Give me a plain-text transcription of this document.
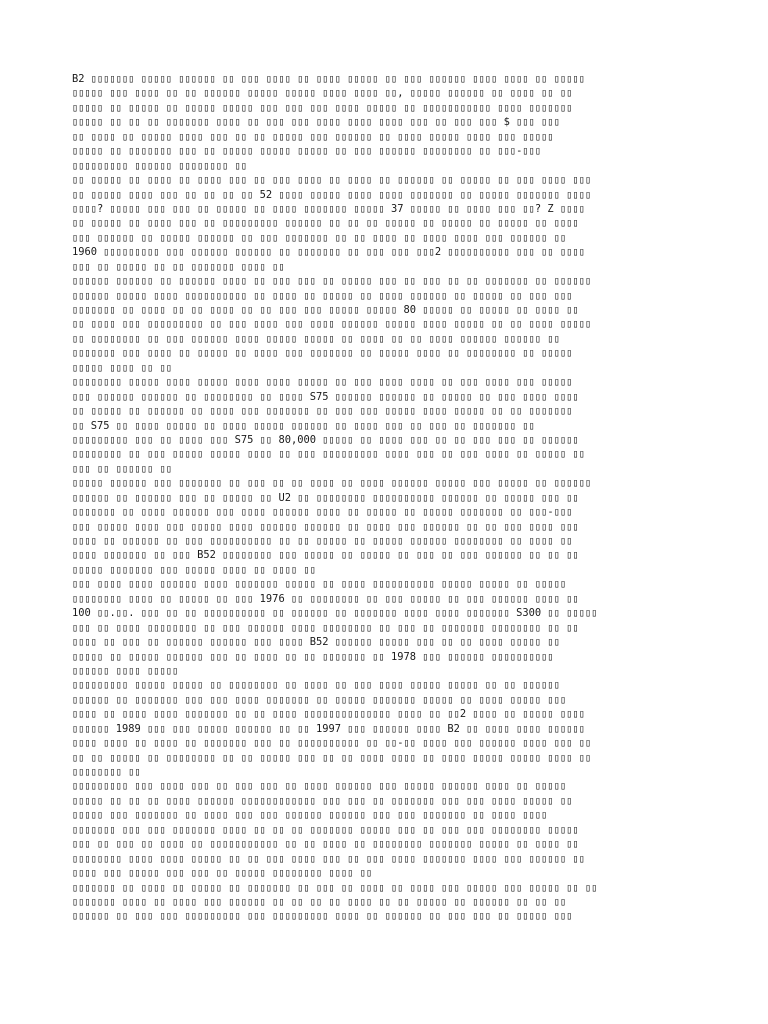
B2 ▯▯▯▯▯▯▯ ▯▯▯▯▯ ▯▯▯▯▯▯ ▯▯ ▯▯▯ ▯▯▯▯ ▯▯ ▯▯▯▯ ▯▯▯▯▯ ▯▯ ▯▯▯ ▯▯▯▯▯▯ ▯▯▯▯ ▯▯▯▯ ▯▯ ▯▯▯▯▯
▯▯▯▯▯ ▯▯▯ ▯▯▯▯ ▯▯ ▯▯ ▯▯▯▯▯▯ ▯▯▯▯▯ ▯▯▯▯▯ ▯▯▯▯ ▯▯▯▯ ▯▯, ▯▯▯▯▯ ▯▯▯▯▯▯ ▯▯ ▯▯▯▯ ▯▯ ▯▯
▯▯▯▯▯ ▯▯ ▯▯▯▯▯ ▯▯ ▯▯▯▯▯ ▯▯▯▯▯ ▯▯▯ ▯▯▯ ▯▯▯ ▯▯▯▯ ▯▯▯▯▯ ▯▯ ▯▯▯▯▯▯▯▯▯▯▯ ▯▯▯▯ ▯▯▯▯▯▯▯
▯▯▯▯▯ ▯▯ ▯▯ ▯▯ ▯▯▯▯▯▯▯ ▯▯▯▯ ▯▯ ▯▯▯ ▯▯▯ ▯▯▯▯ ▯▯▯▯ ▯▯▯▯ ▯▯▯ ▯▯ ▯▯▯ ▯▯▯ $ ▯▯▯ ▯▯▯
▯▯ ▯▯▯▯ ▯▯ ▯▯▯▯▯ ▯▯▯▯ ▯▯▯ ▯▯ ▯▯ ▯▯▯▯▯ ▯▯▯ ▯▯▯▯▯▯ ▯▯ ▯▯▯▯ ▯▯▯▯▯ ▯▯▯▯ ▯▯▯ ▯▯▯▯▯
▯▯▯▯▯ ▯▯ ▯▯▯▯▯▯▯ ▯▯▯ ▯▯ ▯▯▯▯▯ ▯▯▯▯▯ ▯▯▯▯▯ ▯▯ ▯▯▯ ▯▯▯▯▯▯ ▯▯▯▯▯▯▯▯ ▯▯ ▯▯▯-▯▯▯
▯▯▯▯▯▯▯▯▯ ▯▯▯▯▯▯ ▯▯▯▯▯▯▯▯ ▯▯
▯▯ ▯▯▯▯▯ ▯▯ ▯▯▯▯ ▯▯ ▯▯▯▯ ▯▯▯ ▯▯ ▯▯▯ ▯▯▯▯ ▯▯ ▯▯▯▯ ▯▯ ▯▯▯▯▯▯ ▯▯ ▯▯▯▯▯ ▯▯ ▯▯▯ ▯▯▯▯ ▯▯▯
▯▯ ▯▯▯▯▯ ▯▯▯▯ ▯▯▯ ▯▯ ▯▯ ▯▯ ▯▯ 52 ▯▯▯▯ ▯▯▯▯▯ ▯▯▯▯ ▯▯▯▯ ▯▯▯▯▯▯▯ ▯▯ ▯▯▯▯▯ ▯▯▯▯▯▯▯ ▯▯▯▯
▯▯▯▯? ▯▯▯▯▯ ▯▯▯ ▯▯▯ ▯▯ ▯▯▯▯▯ ▯▯ ▯▯▯▯ ▯▯▯▯▯▯▯ ▯▯▯▯▯ 37 ▯▯▯▯▯ ▯▯ ▯▯▯▯ ▯▯▯ ▯▯? Z ▯▯▯▯
▯▯ ▯▯▯▯▯ ▯▯ ▯▯▯▯ ▯▯▯ ▯▯ ▯▯▯▯▯▯▯▯▯ ▯▯▯▯▯▯ ▯▯ ▯▯ ▯▯ ▯▯▯▯▯ ▯▯ ▯▯▯▯▯ ▯▯ ▯▯▯▯▯ ▯▯ ▯▯▯▯
▯▯▯ ▯▯▯▯▯▯ ▯▯ ▯▯▯▯▯ ▯▯▯▯▯▯ ▯▯ ▯▯▯ ▯▯▯▯▯▯▯ ▯▯ ▯▯ ▯▯▯▯ ▯▯ ▯▯▯▯ ▯▯▯▯ ▯▯▯ ▯▯▯▯▯▯ ▯▯
1960 ▯▯▯▯▯▯▯▯▯ ▯▯▯ ▯▯▯▯▯▯ ▯▯▯▯▯▯ ▯▯ ▯▯▯▯▯▯▯ ▯▯ ▯▯▯ ▯▯▯ ▯▯▯2 ▯▯▯▯▯▯▯▯▯▯ ▯▯▯ ▯▯ ▯▯▯▯
▯▯▯ ▯▯ ▯▯▯▯▯ ▯▯ ▯▯ ▯▯▯▯▯▯▯ ▯▯▯▯ ▯▯
▯▯▯▯▯▯ ▯▯▯▯▯▯ ▯▯ ▯▯▯▯▯▯ ▯▯▯▯ ▯▯ ▯▯▯ ▯▯▯ ▯▯ ▯▯▯▯▯ ▯▯▯ ▯▯ ▯▯▯ ▯▯ ▯▯ ▯▯▯▯▯▯▯ ▯▯ ▯▯▯▯▯▯
▯▯▯▯▯▯ ▯▯▯▯▯ ▯▯▯▯ ▯▯▯▯▯▯▯▯▯▯ ▯▯ ▯▯▯▯ ▯▯ ▯▯▯▯▯ ▯▯ ▯▯▯▯ ▯▯▯▯▯▯ ▯▯ ▯▯▯▯▯ ▯▯ ▯▯▯ ▯▯▯
▯▯▯▯▯▯▯ ▯▯ ▯▯▯▯ ▯▯ ▯▯ ▯▯▯▯ ▯▯ ▯▯ ▯▯▯ ▯▯▯ ▯▯▯▯▯ ▯▯▯▯▯ 80 ▯▯▯▯▯ ▯▯ ▯▯▯▯▯ ▯▯ ▯▯▯▯ ▯▯
▯▯ ▯▯▯▯ ▯▯▯ ▯▯▯▯▯▯▯▯▯ ▯▯ ▯▯▯ ▯▯▯▯ ▯▯▯ ▯▯▯▯ ▯▯▯▯▯▯ ▯▯▯▯▯ ▯▯▯▯ ▯▯▯▯▯ ▯▯ ▯▯ ▯▯▯▯ ▯▯▯▯▯
▯▯ ▯▯▯▯▯▯▯▯ ▯▯ ▯▯▯ ▯▯▯▯▯▯ ▯▯▯▯ ▯▯▯▯▯ ▯▯▯▯▯ ▯▯ ▯▯▯▯ ▯▯ ▯▯ ▯▯▯▯ ▯▯▯▯▯▯ ▯▯▯▯▯▯ ▯▯
▯▯▯▯▯▯▯ ▯▯▯ ▯▯▯▯ ▯▯ ▯▯▯▯▯ ▯▯ ▯▯▯▯ ▯▯▯ ▯▯▯▯▯▯▯ ▯▯ ▯▯▯▯▯ ▯▯▯▯ ▯▯ ▯▯▯▯▯▯▯▯ ▯▯ ▯▯▯▯▯
▯▯▯▯▯ ▯▯▯▯ ▯▯ ▯▯
▯▯▯▯▯▯▯▯ ▯▯▯▯▯ ▯▯▯▯ ▯▯▯▯▯ ▯▯▯▯ ▯▯▯▯ ▯▯▯▯▯ ▯▯ ▯▯▯ ▯▯▯▯ ▯▯▯▯ ▯▯ ▯▯▯ ▯▯▯▯ ▯▯▯ ▯▯▯▯▯
▯▯▯ ▯▯▯▯▯▯ ▯▯▯▯▯▯ ▯▯ ▯▯▯▯▯▯▯▯ ▯▯ ▯▯▯▯ S75 ▯▯▯▯▯▯ ▯▯▯▯▯▯ ▯▯ ▯▯▯▯▯ ▯▯ ▯▯▯ ▯▯▯▯ ▯▯▯▯
▯▯ ▯▯▯▯▯ ▯▯ ▯▯▯▯▯▯ ▯▯ ▯▯▯▯ ▯▯▯ ▯▯▯▯▯▯▯ ▯▯ ▯▯▯ ▯▯▯ ▯▯▯▯▯ ▯▯▯▯ ▯▯▯▯▯ ▯▯ ▯▯ ▯▯▯▯▯▯▯
▯▯ S75 ▯▯ ▯▯▯▯ ▯▯▯▯▯ ▯▯ ▯▯▯▯ ▯▯▯▯▯ ▯▯▯▯▯▯ ▯▯ ▯▯▯▯ ▯▯▯ ▯▯ ▯▯▯ ▯▯ ▯▯▯▯▯▯▯ ▯▯
▯▯▯▯▯▯▯▯▯ ▯▯▯ ▯▯ ▯▯▯▯ ▯▯▯ S75 ▯▯ 80,000 ▯▯▯▯▯ ▯▯ ▯▯▯▯ ▯▯▯ ▯▯ ▯▯ ▯▯▯ ▯▯▯ ▯▯ ▯▯▯▯▯▯
▯▯▯▯▯▯▯▯ ▯▯ ▯▯▯ ▯▯▯▯▯ ▯▯▯▯▯ ▯▯▯▯ ▯▯ ▯▯▯ ▯▯▯▯▯▯▯▯▯ ▯▯▯▯ ▯▯▯ ▯▯ ▯▯▯ ▯▯▯▯ ▯▯ ▯▯▯▯▯ ▯▯
▯▯▯ ▯▯ ▯▯▯▯▯▯ ▯▯
▯▯▯▯▯ ▯▯▯▯▯▯ ▯▯▯ ▯▯▯▯▯▯▯ ▯▯ ▯▯▯ ▯▯ ▯▯ ▯▯▯▯ ▯▯ ▯▯▯▯ ▯▯▯▯▯▯ ▯▯▯▯▯ ▯▯▯ ▯▯▯▯▯ ▯▯ ▯▯▯▯▯▯
▯▯▯▯▯▯ ▯▯ ▯▯▯▯▯▯ ▯▯▯ ▯▯ ▯▯▯▯▯ ▯▯ U2 ▯▯ ▯▯▯▯▯▯▯▯ ▯▯▯▯▯▯▯▯▯▯ ▯▯▯▯▯▯ ▯▯ ▯▯▯▯▯ ▯▯▯ ▯▯
▯▯▯▯▯▯▯ ▯▯ ▯▯▯▯ ▯▯▯▯▯▯ ▯▯▯ ▯▯▯▯ ▯▯▯▯▯▯ ▯▯▯▯ ▯▯ ▯▯▯▯▯ ▯▯ ▯▯▯▯▯ ▯▯▯▯▯▯▯ ▯▯ ▯▯▯-▯▯▯
▯▯▯ ▯▯▯▯▯ ▯▯▯▯ ▯▯▯ ▯▯▯▯▯ ▯▯▯▯ ▯▯▯▯▯▯ ▯▯▯▯▯▯ ▯▯ ▯▯▯▯ ▯▯▯ ▯▯▯▯▯▯ ▯▯ ▯▯ ▯▯▯ ▯▯▯▯ ▯▯▯
▯▯▯▯ ▯▯ ▯▯▯▯▯▯ ▯▯ ▯▯▯ ▯▯▯▯▯▯▯▯▯▯ ▯▯ ▯▯ ▯▯▯▯▯ ▯▯ ▯▯▯▯▯ ▯▯▯▯▯▯ ▯▯▯▯▯▯▯▯ ▯▯ ▯▯▯▯ ▯▯
▯▯▯▯ ▯▯▯▯▯▯▯ ▯▯ ▯▯▯ B52 ▯▯▯▯▯▯▯▯ ▯▯▯ ▯▯▯▯▯ ▯▯ ▯▯▯▯▯ ▯▯ ▯▯▯ ▯▯ ▯▯▯ ▯▯▯▯▯▯ ▯▯ ▯▯ ▯▯
▯▯▯▯▯ ▯▯▯▯▯▯▯ ▯▯▯ ▯▯▯▯▯ ▯▯▯▯ ▯▯ ▯▯▯▯ ▯▯
▯▯▯ ▯▯▯▯ ▯▯▯▯ ▯▯▯▯▯▯ ▯▯▯▯ ▯▯▯▯▯▯▯ ▯▯▯▯▯ ▯▯ ▯▯▯▯ ▯▯▯▯▯▯▯▯▯▯ ▯▯▯▯▯ ▯▯▯▯▯ ▯▯ ▯▯▯▯▯
▯▯▯▯▯▯▯▯ ▯▯▯▯ ▯▯ ▯▯▯▯▯ ▯▯ ▯▯▯ 1976 ▯▯ ▯▯▯▯▯▯▯▯ ▯▯ ▯▯▯ ▯▯▯▯▯ ▯▯ ▯▯▯ ▯▯▯▯▯▯ ▯▯▯▯ ▯▯
100 ▯▯.▯▯. ▯▯▯ ▯▯ ▯▯ ▯▯▯▯▯▯▯▯▯▯ ▯▯ ▯▯▯▯▯▯ ▯▯ ▯▯▯▯▯▯▯ ▯▯▯▯ ▯▯▯▯ ▯▯▯▯▯▯▯ S300 ▯▯ ▯▯▯▯▯
▯▯▯ ▯▯ ▯▯▯▯ ▯▯▯▯▯▯▯▯ ▯▯ ▯▯▯ ▯▯▯▯▯▯ ▯▯▯▯ ▯▯▯▯▯▯▯▯ ▯▯ ▯▯▯ ▯▯ ▯▯▯▯▯▯▯ ▯▯▯▯▯▯▯▯ ▯▯ ▯▯
▯▯▯▯ ▯▯ ▯▯▯ ▯▯ ▯▯▯▯▯▯ ▯▯▯▯▯▯ ▯▯▯ ▯▯▯▯ B52 ▯▯▯▯▯▯ ▯▯▯▯▯ ▯▯▯ ▯▯ ▯▯ ▯▯▯▯ ▯▯▯▯▯ ▯▯
▯▯▯▯▯ ▯▯ ▯▯▯▯▯ ▯▯▯▯▯▯ ▯▯▯ ▯▯ ▯▯▯▯ ▯▯ ▯▯ ▯▯▯▯▯▯▯ ▯▯ 1978 ▯▯▯ ▯▯▯▯▯▯ ▯▯▯▯▯▯▯▯▯▯
▯▯▯▯▯▯ ▯▯▯▯ ▯▯▯▯▯
▯▯▯▯▯▯▯▯▯ ▯▯▯▯▯ ▯▯▯▯▯ ▯▯ ▯▯▯▯▯▯▯▯ ▯▯ ▯▯▯▯ ▯▯ ▯▯▯ ▯▯▯▯ ▯▯▯▯▯ ▯▯▯▯▯ ▯▯ ▯▯ ▯▯▯▯▯▯
▯▯▯▯▯▯ ▯▯ ▯▯▯▯▯▯▯ ▯▯▯ ▯▯▯ ▯▯▯▯ ▯▯▯▯▯▯▯ ▯▯ ▯▯▯▯▯ ▯▯▯▯▯▯▯ ▯▯▯▯▯ ▯▯ ▯▯▯▯ ▯▯▯▯▯ ▯▯▯
▯▯▯▯ ▯▯ ▯▯▯▯ ▯▯▯▯ ▯▯▯▯▯▯▯ ▯▯ ▯▯ ▯▯▯▯ ▯▯▯▯▯▯▯▯▯▯▯▯▯▯ ▯▯▯▯ ▯▯ ▯▯2 ▯▯▯▯ ▯▯ ▯▯▯▯▯ ▯▯▯▯
▯▯▯▯▯▯ 1989 ▯▯▯ ▯▯▯ ▯▯▯▯▯ ▯▯▯▯▯▯ ▯▯ ▯▯ 1997 ▯▯▯ ▯▯▯▯▯▯ ▯▯▯▯ B2 ▯▯ ▯▯▯▯ ▯▯▯▯ ▯▯▯▯▯▯
▯▯▯▯ ▯▯▯▯ ▯▯ ▯▯▯▯ ▯▯ ▯▯▯▯▯▯▯ ▯▯▯ ▯▯ ▯▯▯▯▯▯▯▯▯▯ ▯▯ ▯▯-▯▯ ▯▯▯▯ ▯▯▯ ▯▯▯▯▯▯ ▯▯▯▯ ▯▯▯ ▯▯
▯▯ ▯▯ ▯▯▯▯▯ ▯▯ ▯▯▯▯▯▯▯▯ ▯▯ ▯▯ ▯▯▯▯▯ ▯▯▯ ▯▯ ▯▯ ▯▯▯▯ ▯▯▯▯ ▯▯ ▯▯▯▯ ▯▯▯▯▯ ▯▯▯▯▯ ▯▯▯▯ ▯▯
▯▯▯▯▯▯▯▯ ▯▯
▯▯▯▯▯▯▯▯▯ ▯▯▯ ▯▯▯▯ ▯▯▯ ▯▯ ▯▯▯ ▯▯▯ ▯▯ ▯▯▯▯ ▯▯▯▯▯▯ ▯▯▯ ▯▯▯▯▯ ▯▯▯▯▯▯ ▯▯▯▯ ▯▯ ▯▯▯▯▯
▯▯▯▯▯ ▯▯ ▯▯ ▯▯ ▯▯▯▯ ▯▯▯▯▯▯ ▯▯▯▯▯▯▯▯▯▯▯▯ ▯▯▯ ▯▯▯ ▯▯ ▯▯▯▯▯▯▯ ▯▯▯ ▯▯▯ ▯▯▯▯ ▯▯▯▯▯ ▯▯
▯▯▯▯▯ ▯▯▯ ▯▯▯▯▯▯▯ ▯▯ ▯▯▯▯ ▯▯▯ ▯▯▯ ▯▯▯▯▯▯ ▯▯▯▯▯▯ ▯▯▯ ▯▯▯ ▯▯▯▯▯▯▯ ▯▯ ▯▯▯▯ ▯▯▯▯
▯▯▯▯▯▯▯ ▯▯▯ ▯▯▯ ▯▯▯▯▯▯▯ ▯▯▯▯ ▯▯ ▯▯ ▯▯ ▯▯▯▯▯▯▯ ▯▯▯▯▯ ▯▯▯ ▯▯ ▯▯▯ ▯▯▯ ▯▯▯▯▯▯▯▯ ▯▯▯▯▯
▯▯▯ ▯▯ ▯▯▯ ▯▯ ▯▯▯▯ ▯▯ ▯▯▯▯▯▯▯▯▯▯▯ ▯▯ ▯▯ ▯▯▯▯ ▯▯ ▯▯▯▯▯▯▯▯ ▯▯▯▯▯▯▯ ▯▯▯▯▯ ▯▯ ▯▯▯▯ ▯▯
▯▯▯▯▯▯▯▯ ▯▯▯▯ ▯▯▯▯ ▯▯▯▯▯ ▯▯ ▯▯ ▯▯▯ ▯▯▯▯ ▯▯▯ ▯▯ ▯▯▯ ▯▯▯▯ ▯▯▯▯▯▯▯ ▯▯▯▯ ▯▯▯ ▯▯▯▯▯▯ ▯▯
▯▯▯▯ ▯▯▯ ▯▯▯▯▯ ▯▯▯ ▯▯▯ ▯▯ ▯▯▯▯▯ ▯▯▯▯▯▯▯▯ ▯▯▯▯ ▯▯
▯▯▯▯▯▯▯ ▯▯ ▯▯▯▯ ▯▯ ▯▯▯▯▯ ▯▯ ▯▯▯▯▯▯▯ ▯▯ ▯▯▯ ▯▯ ▯▯▯▯ ▯▯ ▯▯▯▯ ▯▯▯ ▯▯▯▯▯ ▯▯▯ ▯▯▯▯▯ ▯▯ ▯▯
▯▯▯▯▯▯▯ ▯▯▯▯ ▯▯ ▯▯▯▯ ▯▯▯ ▯▯▯▯▯▯ ▯▯ ▯▯ ▯▯ ▯▯ ▯▯▯▯ ▯▯ ▯▯ ▯▯▯▯▯ ▯▯ ▯▯▯▯▯▯ ▯▯ ▯▯ ▯▯
▯▯▯▯▯▯ ▯▯ ▯▯▯ ▯▯▯ ▯▯▯▯▯▯▯▯▯ ▯▯▯ ▯▯▯▯▯▯▯▯▯ ▯▯▯▯ ▯▯ ▯▯▯▯▯▯ ▯▯ ▯▯▯ ▯▯▯ ▯▯ ▯▯▯▯▯ ▯▯▯
